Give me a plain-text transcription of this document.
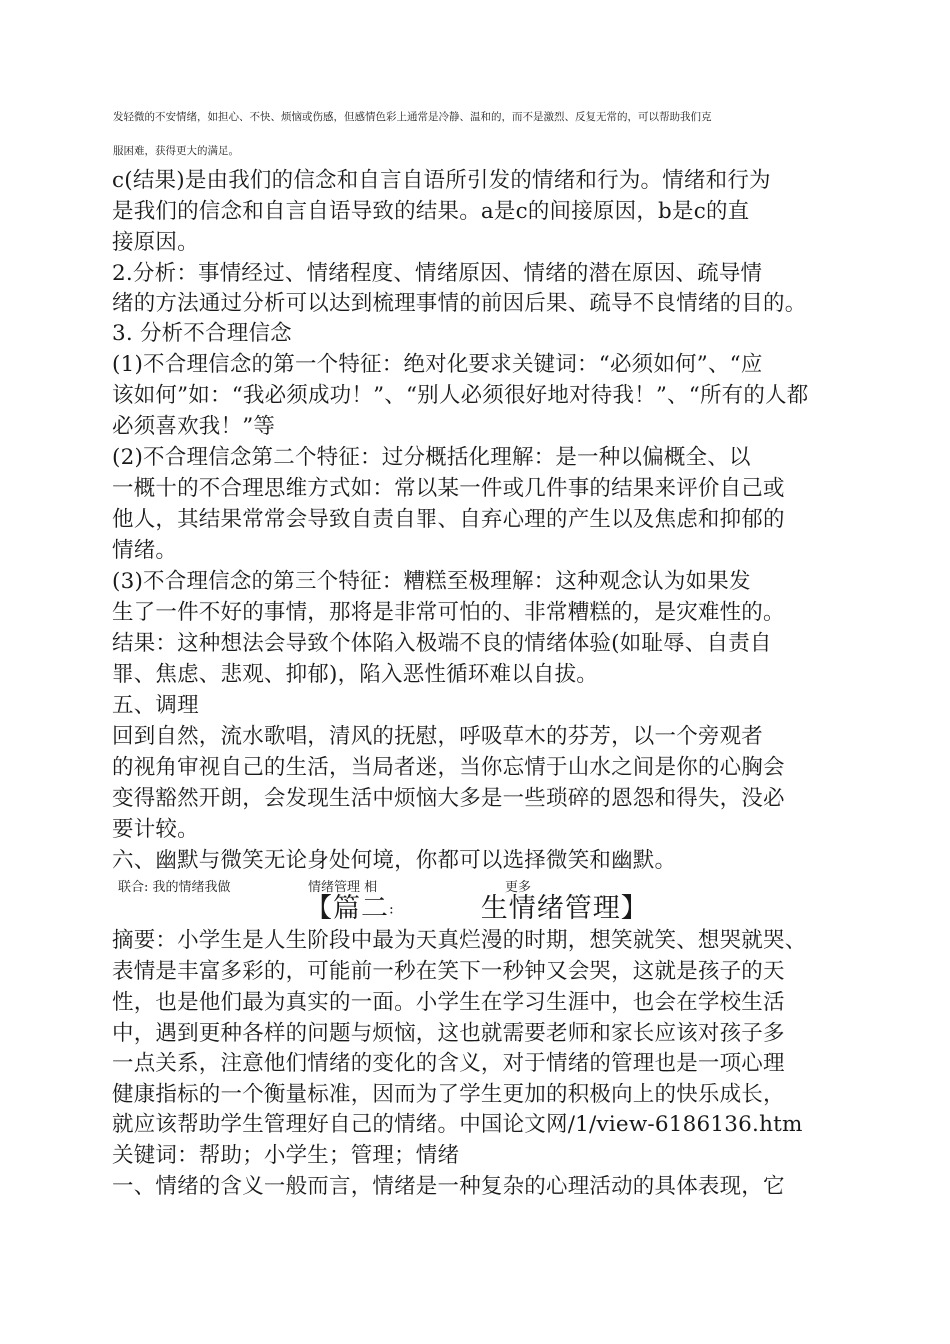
发轻微的不安情绪，如担心、不快、烦恼或伤感，但感情色彩上通常是冷静、温和的，而不是激烈、反复无常的，可以帮助我们克
服困难，获得更大的满足。
c(结果)是由我们的信念和自言自语所引发的情绪和行为。情绪和行为
是我们的信念和自言自语导致的结果。a是c的间接原因，b是c的直
接原因。
2.分析：事情经过、情绪程度、情绪原因、情绪的潜在原因、疏导情
绪的方法通过分析可以达到梳理事情的前因后果、疏导不良情绪的目的。
3. 分析不合理信念
(1)不合理信念的第一个特征：绝对化要求关键词：“必须如何”、“应
该如何”如：“我必须成功！”、“别人必须很好地对待我！”、“所有的人都
必须喜欢我！”等
(2)不合理信念第二个特征：过分概括化理解：是一种以偏概全、以
一概十的不合理思维方式如：常以某一件或几件事的结果来评价自己或
他人，其结果常常会导致自责自罪、自弃心理的产生以及焦虑和抑郁的
情绪。
(3)不合理信念的第三个特征：糟糕至极理解：这种观念认为如果发
生了一件不好的事情，那将是非常可怕的、非常糟糕的，是灾难性的。
结果：这种想法会导致个体陷入极端不良的情绪体验(如耻辱、自责自
罪、焦虑、悲观、抑郁)，陷入恶性循环难以自拔。
五、调理
回到自然，流水歌唱，清风的抚慰，呼吸草木的芬芳，以一个旁观者
的视角审视自己的生活，当局者迷，当你忘情于山水之间是你的心胸会
变得豁然开朗，会发现生活中烦恼大多是一些琐碎的恩怨和得失，没必
要计较。
六、幽默与微笑无论身处何境，你都可以选择微笑和幽默。
联合: 我的情绪我做	情绪管理 相	更多
【篇二:	生情绪管理】
摘要：小学生是人生阶段中最为天真烂漫的时期，想笑就笑、想哭就哭、
表情是丰富多彩的，可能前一秒在笑下一秒钟又会哭，这就是孩子的天
性，也是他们最为真实的一面。小学生在学习生涯中，也会在学校生活
中，遇到更种各样的问题与烦恼，这也就需要老师和家长应该对孩子多
一点关系，注意他们情绪的变化的含义，对于情绪的管理也是一项心理
健康指标的一个衡量标准，因而为了学生更加的积极向上的快乐成长，
就应该帮助学生管理好自己的情绪。中国论文网/1/view-6186136.htm
关键词：帮助；小学生；管理；情绪
一、情绪的含义一般而言，情绪是一种复杂的心理活动的具体表现，它
